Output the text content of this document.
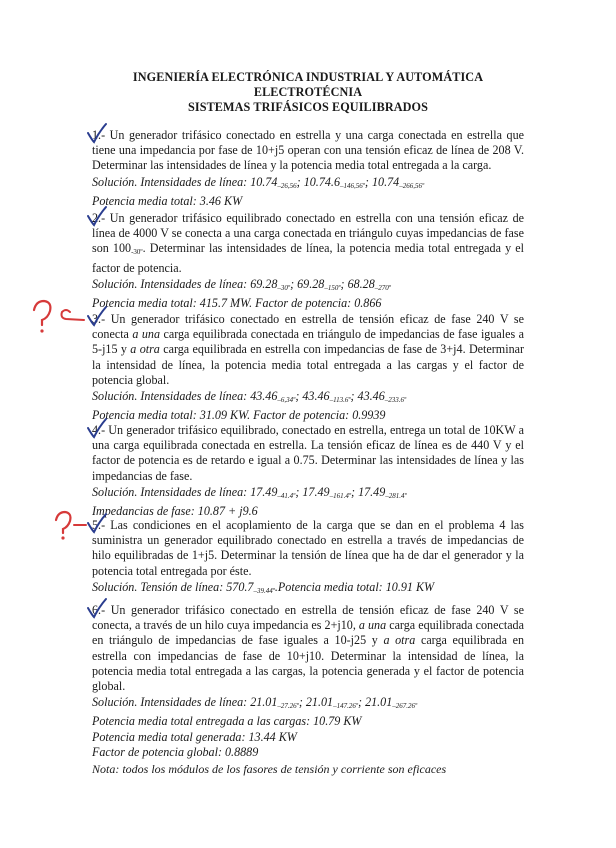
INGENIERÍA ELECTRÓNICA INDUSTRIAL Y AUTOMÁTICA
ELECTROTÉCNIA
SISTEMAS TRIFÁSICOS EQUILIBRADOS
1.- Un generador trifásico conectado en estrella y una carga conectada en estrella que tiene una impedancia por fase de 10+j5 operan con una tensión eficaz de línea de 208 V. Determinar las intensidades de línea y la potencia media total entregada a la carga.
Solución. Intensidades de línea: $10.74_{-26,56}$; $10.74.6_{-146,56º}$; $10.74_{-266,56º}$
Potencia media total: 3.46 KW
2.- Un generador trifásico equilibrado conectado en estrella con una tensión eficaz de línea de 4000 V se conecta a una carga conectada en triángulo cuyas impedancias de fase son $100_{-30º}$. Determinar las intensidades de línea, la potencia media total entregada y el factor de potencia.
Solución. Intensidades de línea: $69.28_{-30º}$; $69.28_{-150º}$; $68.28_{-270º}$
Potencia media total: 415.7 MW. Factor de potencia: 0.866
3.- Un generador trifásico conectado en estrella de tensión eficaz de fase 240 V se conecta a una carga equilibrada conectada en triángulo de impedancias de fase iguales a 5-j15 y a otra carga equilibrada en estrella con impedancias de fase de 3+j4. Determinar la intensidad de línea, la potencia media total entregada a las cargas y el factor de potencia global.
Solución. Intensidades de línea: $43.46_{-6,34º}$; $43.46_{-113.6º}$; $43.46_{-233.6º}$
Potencia media total: 31.09 KW. Factor de potencia: 0.9939
4.- Un generador trifásico equilibrado, conectado en estrella, entrega un total de 10KW a una carga equilibrada conectada en estrella. La tensión eficaz de línea es de 440 V y el factor de potencia es de retardo e igual a 0.75. Determinar las intensidades de línea y las impedancias de fase.
Solución. Intensidades de línea: $17.49_{-41.4º}$; $17.49_{-161.4º}$; $17.49_{-281.4º}$
Impedancias de fase: 10.87 + j9.6
5.- Las condiciones en el acoplamiento de la carga que se dan en el problema 4 las suministra un generador equilibrado conectado en estrella a través de impedancias de hilo equilibradas de 1+j5. Determinar la tensión de línea que ha de dar el generador y la potencia total entregada por éste.
Solución. Tensión de línea: $570.7_{-39.44º}.Potencia$ media total: 10.91 KW
6.- Un generador trifásico conectado en estrella de tensión eficaz de fase 240 V se conecta, a través de un hilo cuya impedancia es 2+j10, a una carga equilibrada conectada en triángulo de impedancias de fase iguales a 10-j25 y a otra carga equilibrada en estrella con impedancias de fase de 10+j10. Determinar la intensidad de línea, la potencia media total entregada a las cargas, la potencia generada y el factor de potencia global.
Solución. Intensidades de línea: $21.01_{-27.26º}$; $21.01_{-147.26º}$; $21.01_{-267.26º}$
Potencia media total entregada a las cargas: 10.79 KW
Potencia media total generada: 13.44 KW
Factor de potencia global: 0.8889
Nota: todos los módulos de los fasores de tensión y corriente son eficaces
